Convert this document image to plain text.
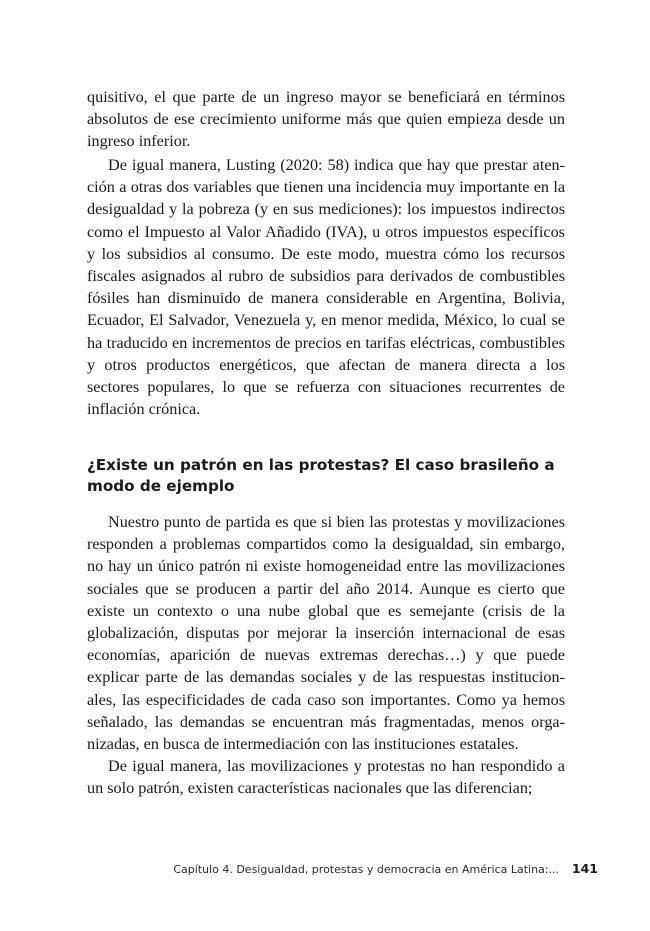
quisitivo, el que parte de un ingreso mayor se beneficiará en términos absolutos de ese crecimiento uniforme más que quien empieza desde un ingreso inferior.

De igual manera, Lusting (2020: 58) indica que hay que prestar atención a otras dos variables que tienen una incidencia muy importante en la desigualdad y la pobreza (y en sus mediciones): los impuestos indirectos como el Impuesto al Valor Añadido (IVA), u otros impuestos específicos y los subsidios al consumo. De este modo, muestra cómo los recursos fiscales asignados al rubro de subsidios para derivados de combustibles fósiles han disminuido de manera considerable en Argentina, Bolivia, Ecuador, El Salvador, Venezuela y, en menor medida, México, lo cual se ha traducido en incrementos de precios en tarifas eléctricas, combustibles y otros productos energéticos, que afectan de manera directa a los sectores populares, lo que se refuerza con situaciones recurrentes de inflación crónica.

¿Existe un patrón en las protestas? El caso brasileño a modo de ejemplo

Nuestro punto de partida es que si bien las protestas y movilizaciones responden a problemas compartidos como la desigualdad, sin embargo, no hay un único patrón ni existe homogeneidad entre las movilizaciones sociales que se producen a partir del año 2014. Aunque es cierto que existe un contexto o una nube global que es semejante (crisis de la globalización, disputas por mejorar la inserción internacional de esas economías, aparición de nuevas extremas derechas…) y que puede explicar parte de las demandas sociales y de las respuestas institucionales, las especificidades de cada caso son importantes. Como ya hemos señalado, las demandas se encuentran más fragmentadas, menos organizadas, en busca de intermediación con las instituciones estatales.

De igual manera, las movilizaciones y protestas no han respondido a un solo patrón, existen características nacionales que las diferencian;

Capítulo 4. Desigualdad, protestas y democracia en América Latina:... 141
